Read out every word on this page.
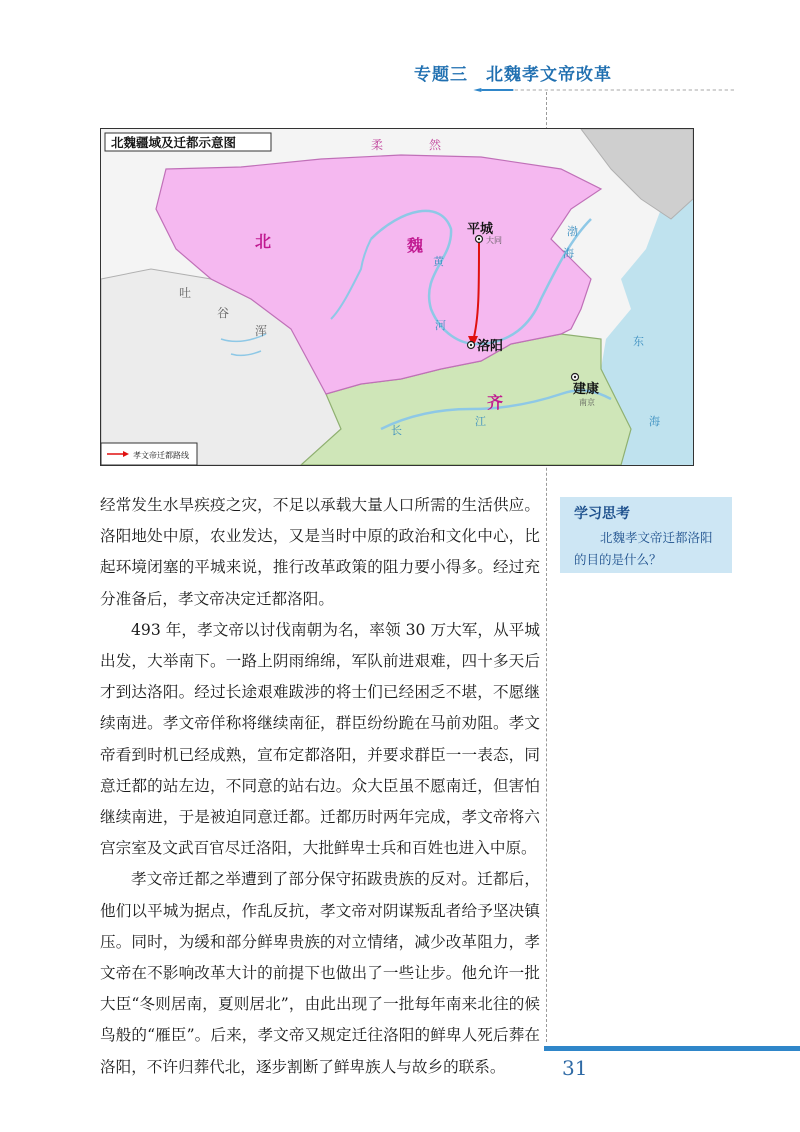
专题三　北魏孝文帝改革
北魏疆域及迁都示意图	柔	然
北	魏
吐
谷
浑
齐
平城
大同
洛阳
建康
南京
黄
河
长
江
渤
海
东
海
孝文帝迁都路线

经常发生水旱疾疫之灾，不足以承载大量人口所需的生活供应。洛阳地处中原，农业发达，又是当时中原的政治和文化中心，比起环境闭塞的平城来说，推行改革政策的阻力要小得多。经过充分准备后，孝文帝决定迁都洛阳。

493 年，孝文帝以讨伐南朝为名，率领 30 万大军，从平城出发，大举南下。一路上阴雨绵绵，军队前进艰难，四十多天后才到达洛阳。经过长途艰难跋涉的将士们已经困乏不堪，不愿继续南进。孝文帝佯称将继续南征，群臣纷纷跪在马前劝阻。孝文帝看到时机已经成熟，宣布定都洛阳，并要求群臣一一表态，同意迁都的站左边，不同意的站右边。众大臣虽不愿南迁，但害怕继续南进，于是被迫同意迁都。迁都历时两年完成，孝文帝将六宫宗室及文武百官尽迁洛阳，大批鲜卑士兵和百姓也进入中原。

孝文帝迁都之举遭到了部分保守拓跋贵族的反对。迁都后，他们以平城为据点，作乱反抗，孝文帝对阴谋叛乱者给予坚决镇压。同时，为缓和部分鲜卑贵族的对立情绪，减少改革阻力，孝文帝在不影响改革大计的前提下也做出了一些让步。他允许一批大臣“冬则居南，夏则居北”，由此出现了一批每年南来北往的候鸟般的“雁臣”。后来，孝文帝又规定迁往洛阳的鲜卑人死后葬在洛阳，不许归葬代北，逐步割断了鲜卑族人与故乡的联系。

学习思考
北魏孝文帝迁都洛阳的目的是什么？
31
